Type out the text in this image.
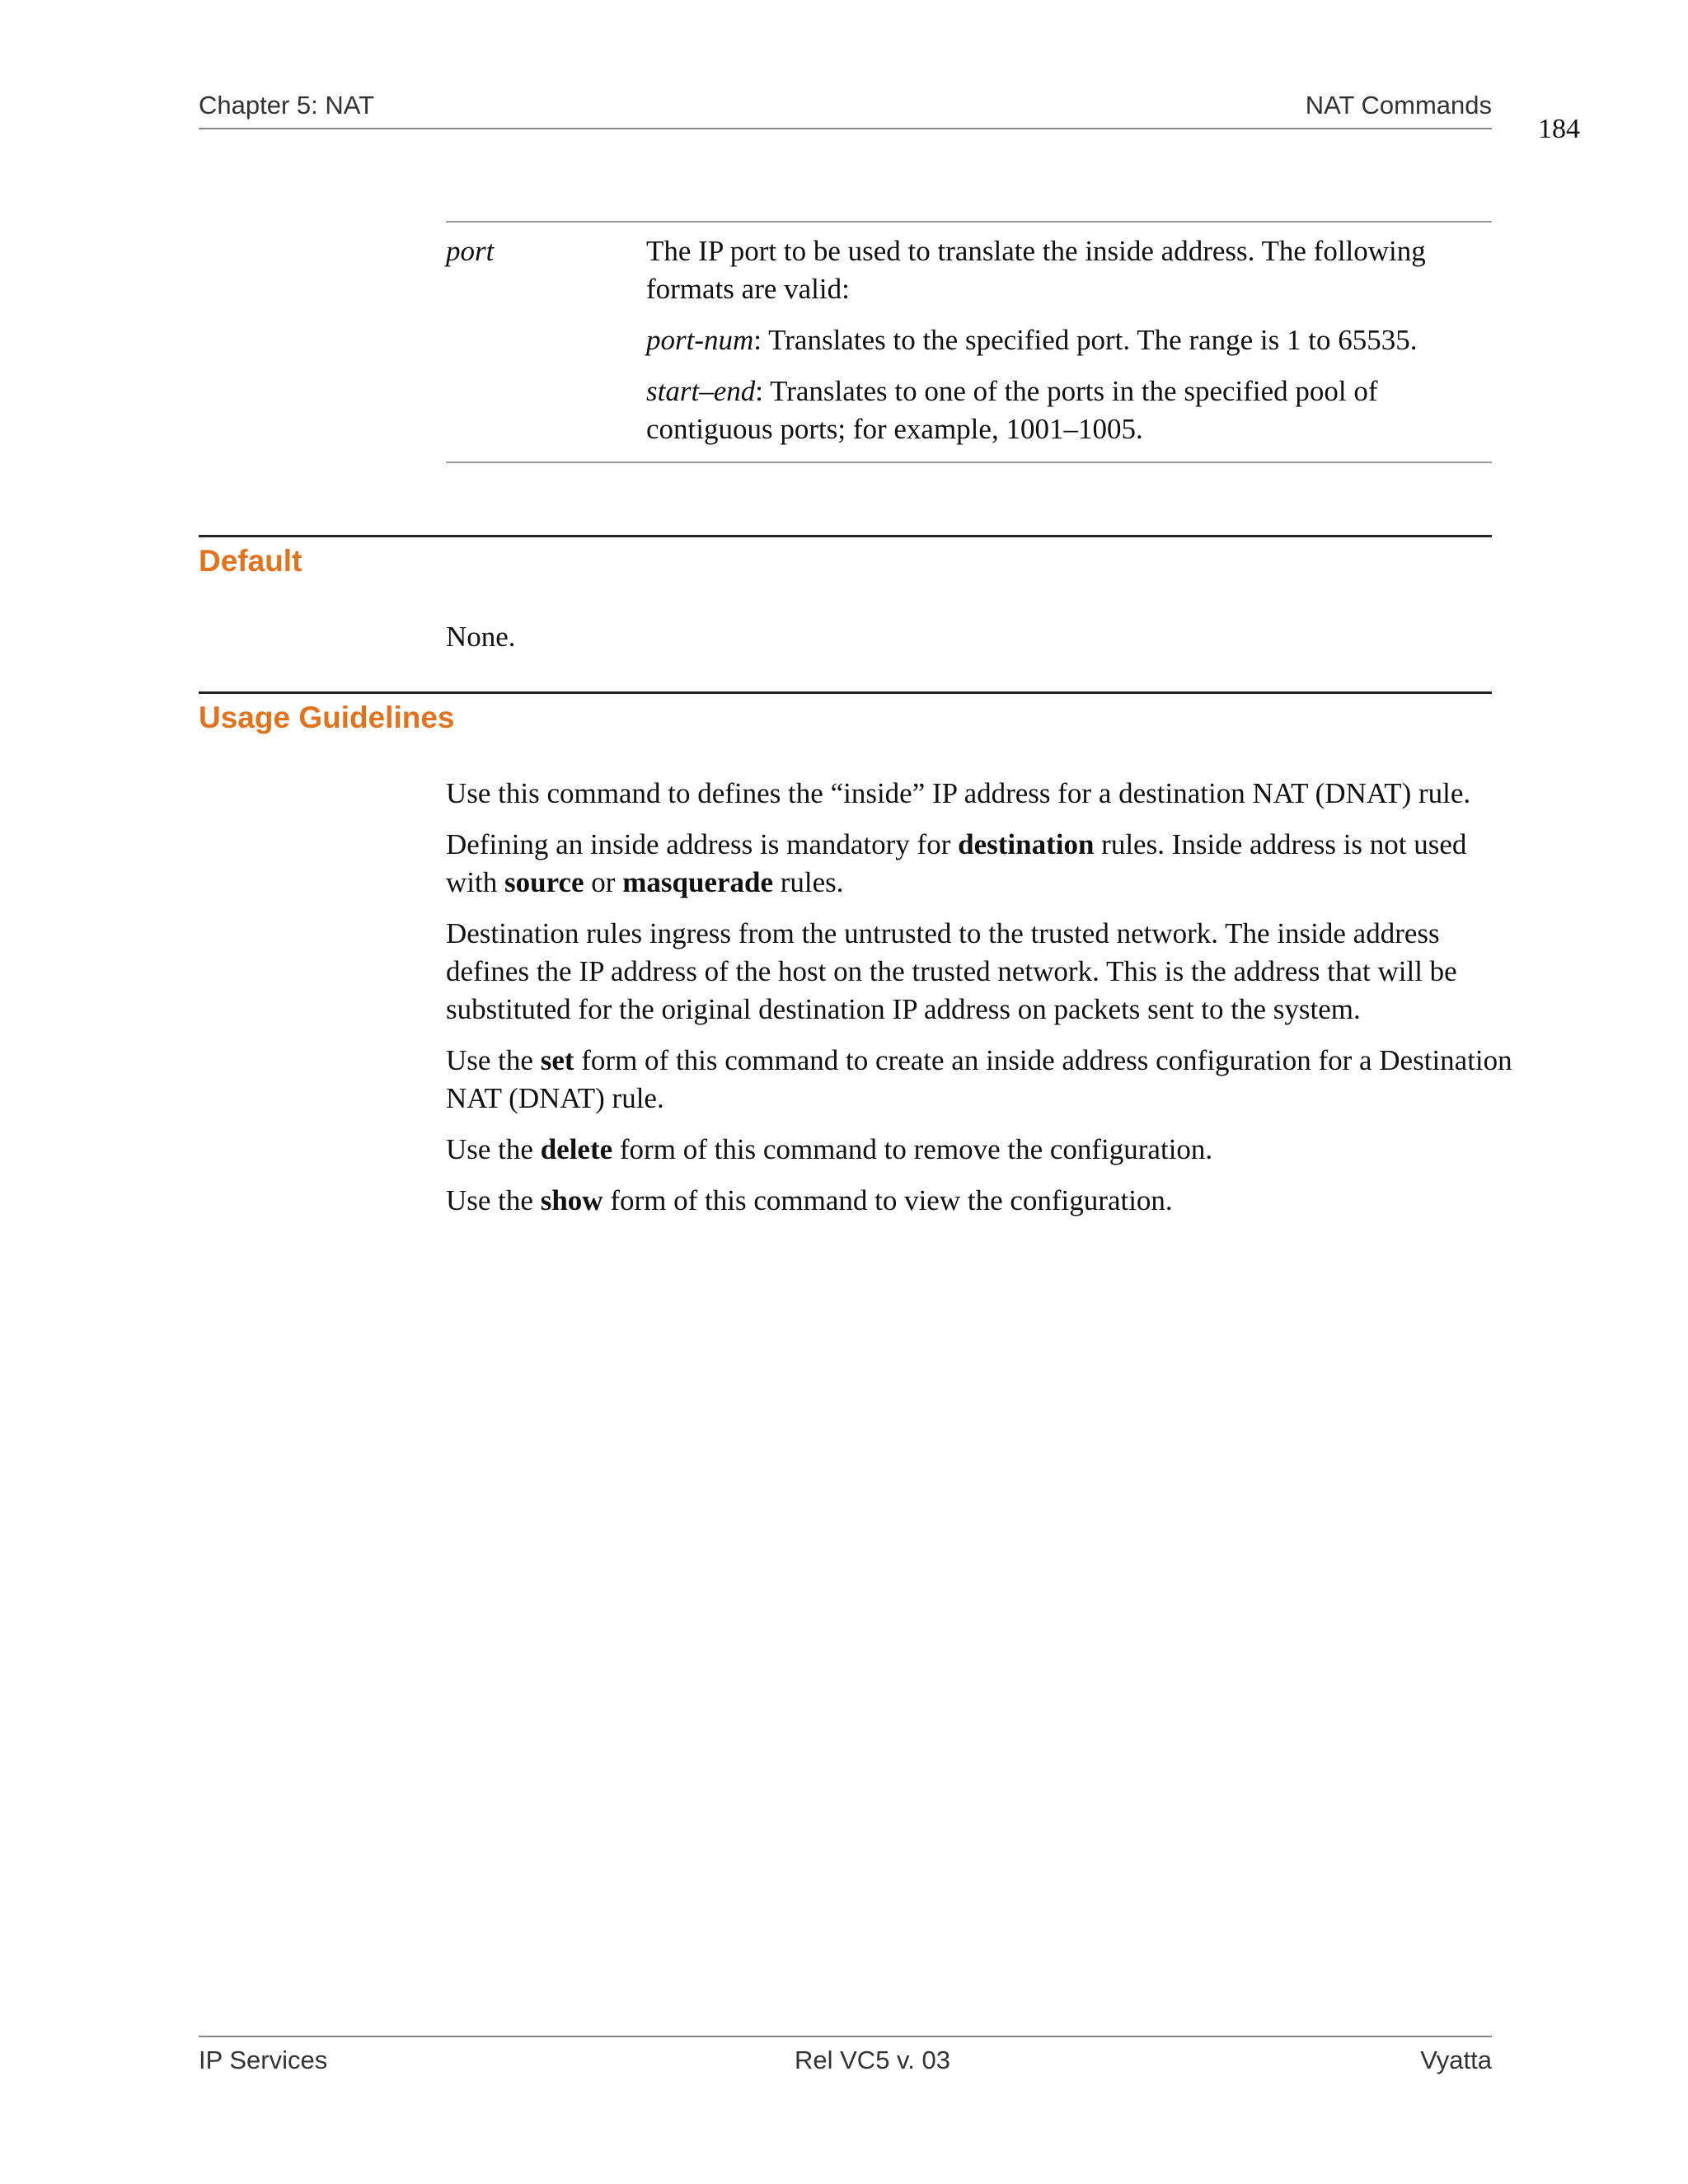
Chapter 5: NAT	NAT Commands
184
port	The IP port to be used to translate the inside address. The following formats are valid:

port-num: Translates to the specified port. The range is 1 to 65535.

start–end: Translates to one of the ports in the specified pool of contiguous ports; for example, 1001–1005.

Default

None.

Usage Guidelines

Use this command to defines the “inside” IP address for a destination NAT (DNAT) rule.

Defining an inside address is mandatory for destination rules. Inside address is not used with source or masquerade rules.

Destination rules ingress from the untrusted to the trusted network. The inside address defines the IP address of the host on the trusted network. This is the address that will be substituted for the original destination IP address on packets sent to the system.

Use the set form of this command to create an inside address configuration for a Destination NAT (DNAT) rule.

Use the delete form of this command to remove the configuration.

Use the show form of this command to view the configuration.

IP Services	Rel VC5 v. 03	Vyatta
